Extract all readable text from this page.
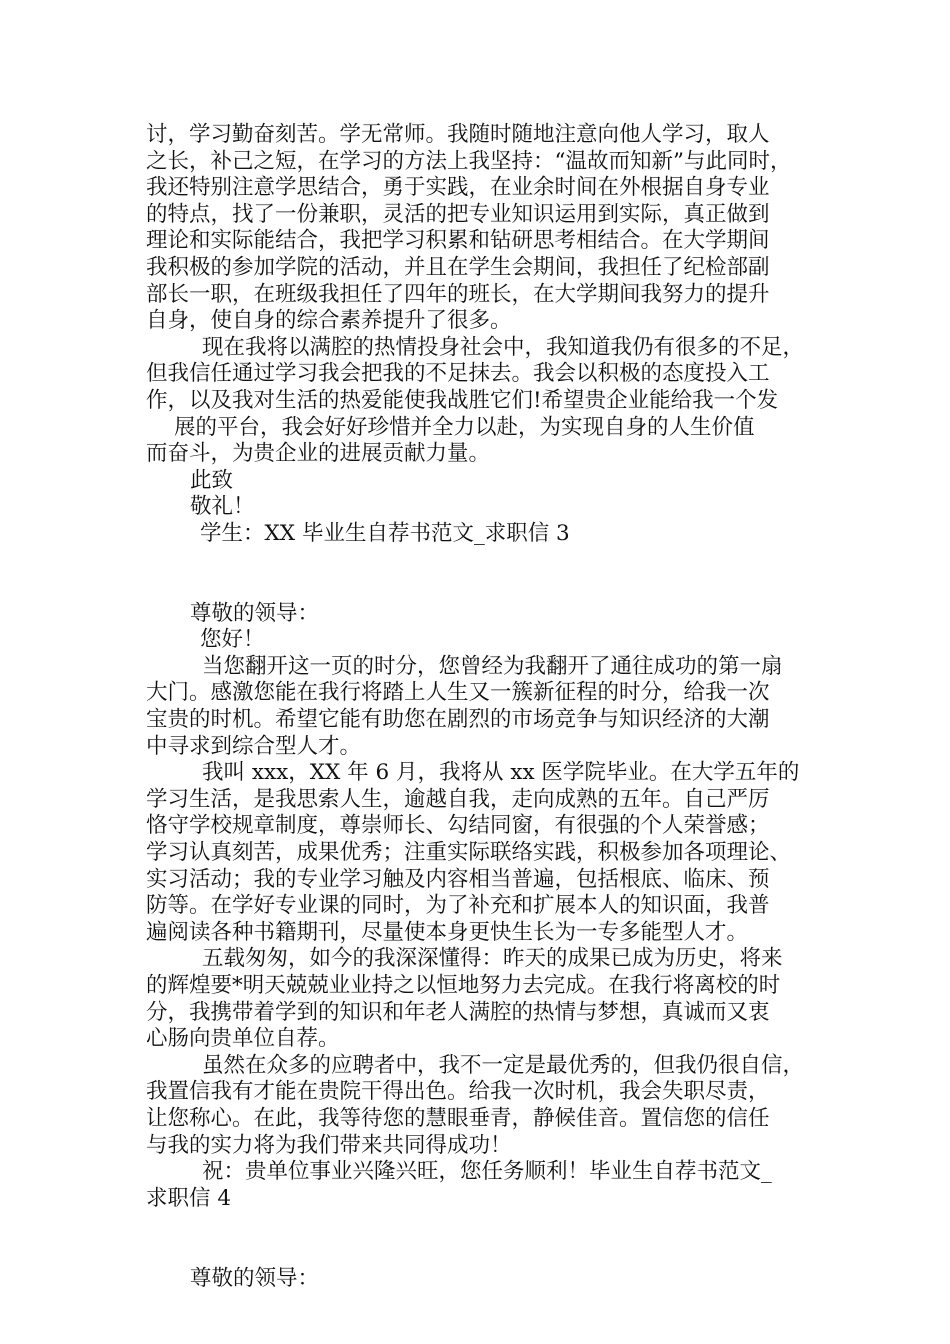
讨，学习勤奋刻苦。学无常师。我随时随地注意向他人学习，取人
之长，补己之短，在学习的方法上我坚持：“温故而知新”与此同时，
我还特别注意学思结合，勇于实践，在业余时间在外根据自身专业
的特点，找了一份兼职，灵活的把专业知识运用到实际，真正做到
理论和实际能结合，我把学习积累和钻研思考相结合。在大学期间
我积极的参加学院的活动，并且在学生会期间，我担任了纪检部副
部长一职，在班级我担任了四年的班长，在大学期间我努力的提升
自身，使自身的综合素养提升了很多。
现在我将以满腔的热情投身社会中，我知道我仍有很多的不足，
但我信任通过学习我会把我的不足抹去。我会以积极的态度投入工
作，以及我对生活的热爱能使我战胜它们!希望贵企业能给我一个发
展的平台，我会好好珍惜并全力以赴，为实现自身的人生价值
而奋斗，为贵企业的进展贡献力量。
此致
敬礼！
学生：XX 毕业生自荐书范文_求职信 3
尊敬的领导：
您好！
当您翻开这一页的时分，您曾经为我翻开了通往成功的第一扇
大门。感激您能在我行将踏上人生又一簇新征程的时分，给我一次
宝贵的时机。希望它能有助您在剧烈的市场竞争与知识经济的大潮
中寻求到综合型人才。
我叫 xxx，XX 年 6 月，我将从 xx 医学院毕业。在大学五年的
学习生活，是我思索人生，逾越自我，走向成熟的五年。自己严厉
恪守学校规章制度，尊崇师长、勾结同窗，有很强的个人荣誉感；
学习认真刻苦，成果优秀；注重实际联络实践，积极参加各项理论、
实习活动；我的专业学习触及内容相当普遍，包括根底、临床、预
防等。在学好专业课的同时，为了补充和扩展本人的知识面，我普
遍阅读各种书籍期刊，尽量使本身更快生长为一专多能型人才。
五载匆匆，如今的我深深懂得：昨天的成果已成为历史，将来
的辉煌要*明天兢兢业业持之以恒地努力去完成。在我行将离校的时
分，我携带着学到的知识和年老人满腔的热情与梦想，真诚而又衷
心肠向贵单位自荐。
虽然在众多的应聘者中，我不一定是最优秀的，但我仍很自信，
我置信我有才能在贵院干得出色。给我一次时机，我会失职尽责，
让您称心。在此，我等待您的慧眼垂青，静候佳音。置信您的信任
与我的实力将为我们带来共同得成功！
祝：贵单位事业兴隆兴旺，您任务顺利！毕业生自荐书范文_
求职信 4
尊敬的领导：
